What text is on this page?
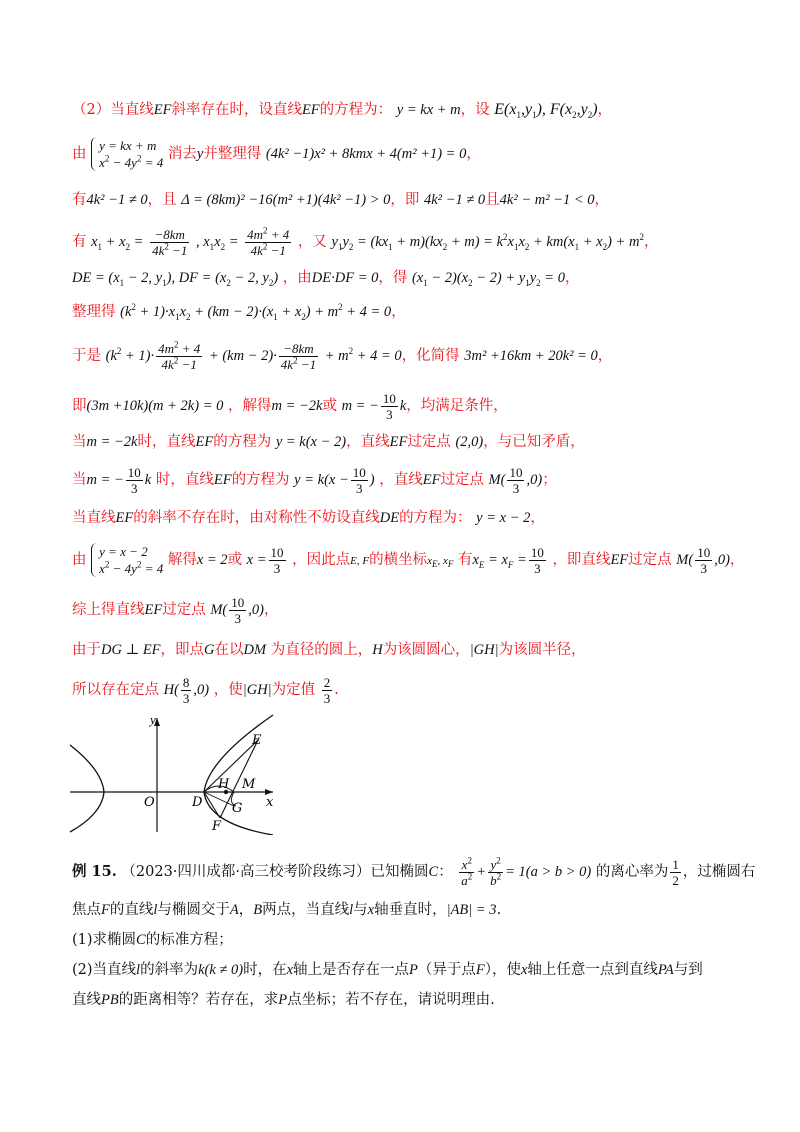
（2）当直线EF斜率存在时，设直线EF的方程为： y = kx + m，设 $E(x_1,y_1)$, $F(x_2,y_2)$，
由
y = kx + m
$x^2 - 4y^2 = 4$
消去y并整理得 (4k² −1)x² + 8kmx + 4(m² +1) = 0，
有4k² −1 ≠ 0，且 Δ = (8km)² −16(m² +1)(4k² −1) > 0，即 4k² −1 ≠ 0且4k² − m² −1 < 0，
有 $x_1 + x_2 = \frac{-8km}{4k^2 -1}$ , $x_1x_2 = \frac{4m^2 + 4}{4k^2 -1}$ ，又 $y_1y_2 = (kx_1 + m)(kx_2 + m) = k^2x_1x_2 + km(x_1 + x_2) + m^2$，
DE = ($x_1 - 2$, $y_1$), DF = ($x_2 - 2$, $y_2$) ，由DE·DF = 0，得 $(x_1 - 2)(x_2 - 2) + y_1y_2 = 0$，
整理得 $(k^2 + 1)\cdot x_1x_2 + (km - 2)\cdot(x_1 + x_2) + m^2 + 4 = 0$，
于是 $(k^2 + 1)\cdot \frac{4m^2 + 4}{4k^2 -1} + (km - 2)\cdot \frac{-8km}{4k^2 -1} + m^2 + 4 = 0$，化简得 3m² +16km + 20k² = 0，
即(3m +10k)(m + 2k) = 0 ，解得m = −2k或 m = − $\frac{10}{3}$ k，均满足条件，
当m = −2k时，直线EF的方程为 y = k(x − 2)，直线EF过定点 (2,0)，与已知矛盾，
当m = − $\frac{10}{3}$ k 时，直线EF的方程为 $y = k(x - \frac{10}{3}$ ) ，直线EF过定点 $M( \frac{10}{3} ,0)$；
当直线EF的斜率不存在时，由对称性不妨设直线DE的方程为： y = x − 2，
由
y = x − 2
$x^2 - 4y^2 = 4$
解得x = 2或 $x = \frac{10}{3}$ ，因此点E, F的横坐标$x_E$, $x_F$ 有$x_E = x_F = \frac{10}{3}$ ，即直线EF过定点 $M( \frac{10}{3} ,0)$，
综上得直线EF过定点 $M( \frac{10}{3} ,0)$，
由于DG ⊥ EF，即点G在以DM 为直径的圆上，H为该圆圆心，|GH|为该圆半径，
所以存在定点 $H( \frac{8}{3} ,0)$ ，使|GH|为定值 $\frac{2}{3}$ .
y
x
O	D
E
F
G
H M
例 15. （2023·四川成都·高三校考阶段练习）已知椭圆C： $\frac{x^2}{a^2} + \frac{y^2}{b^2} = 1(a > b > 0)$ 的离心率为 $\frac{1}{2}$ ，过椭圆右
焦点F的直线l与椭圆交于A，B两点，当直线l与x轴垂直时，|AB| = 3.
(1)求椭圆C的标准方程；
(2)当直线l的斜率为k(k ≠ 0)时，在x轴上是否存在一点P（异于点F），使x轴上任意一点到直线PA与到
直线PB的距离相等？若存在，求P点坐标；若不存在，请说明理由.
